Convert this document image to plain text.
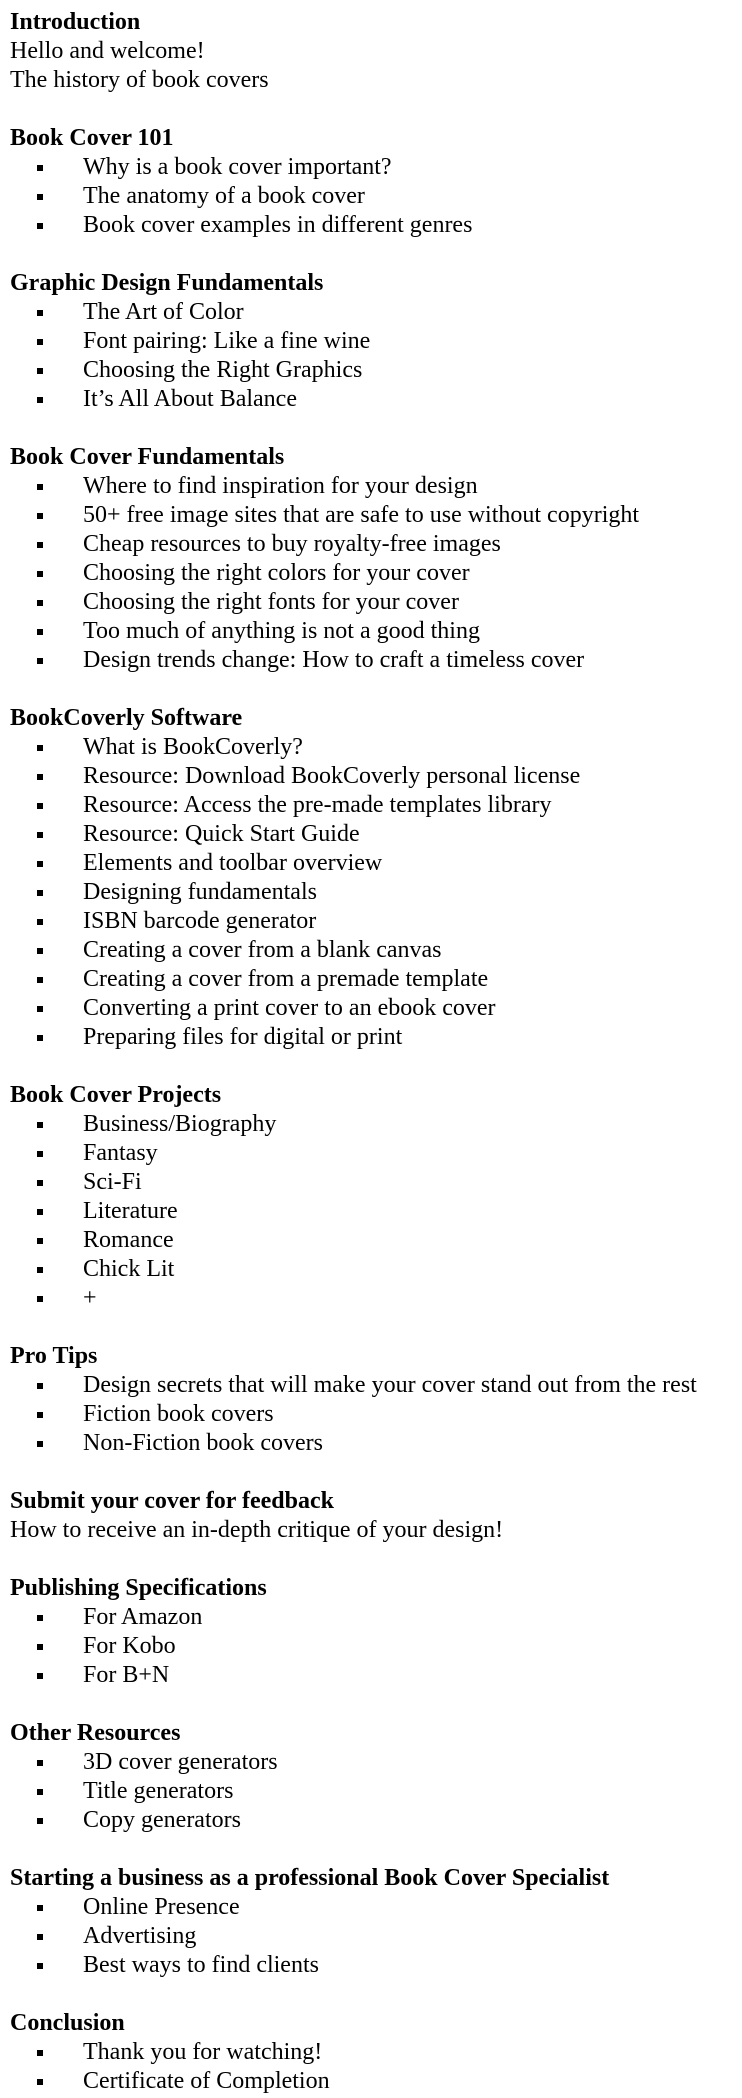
Introduction
Hello and welcome!
The history of book covers
Book Cover 101
Why is a book cover important?
The anatomy of a book cover
Book cover examples in different genres
Graphic Design Fundamentals
The Art of Color
Font pairing: Like a fine wine
Choosing the Right Graphics
It’s All About Balance
Book Cover Fundamentals
Where to find inspiration for your design
50+ free image sites that are safe to use without copyright
Cheap resources to buy royalty-free images
Choosing the right colors for your cover
Choosing the right fonts for your cover
Too much of anything is not a good thing
Design trends change: How to craft a timeless cover
BookCoverly Software
What is BookCoverly?
Resource: Download BookCoverly personal license
Resource: Access the pre-made templates library
Resource: Quick Start Guide
Elements and toolbar overview
Designing fundamentals
ISBN barcode generator
Creating a cover from a blank canvas
Creating a cover from a premade template
Converting a print cover to an ebook cover
Preparing files for digital or print
Book Cover Projects
Business/Biography
Fantasy
Sci-Fi
Literature
Romance
Chick Lit
+
Pro Tips
Design secrets that will make your cover stand out from the rest
Fiction book covers
Non-Fiction book covers
Submit your cover for feedback
How to receive an in-depth critique of your design!
Publishing Specifications
For Amazon
For Kobo
For B+N
Other Resources
3D cover generators
Title generators
Copy generators
Starting a business as a professional Book Cover Specialist
Online Presence
Advertising
Best ways to find clients
Conclusion
Thank you for watching!
Certificate of Completion
